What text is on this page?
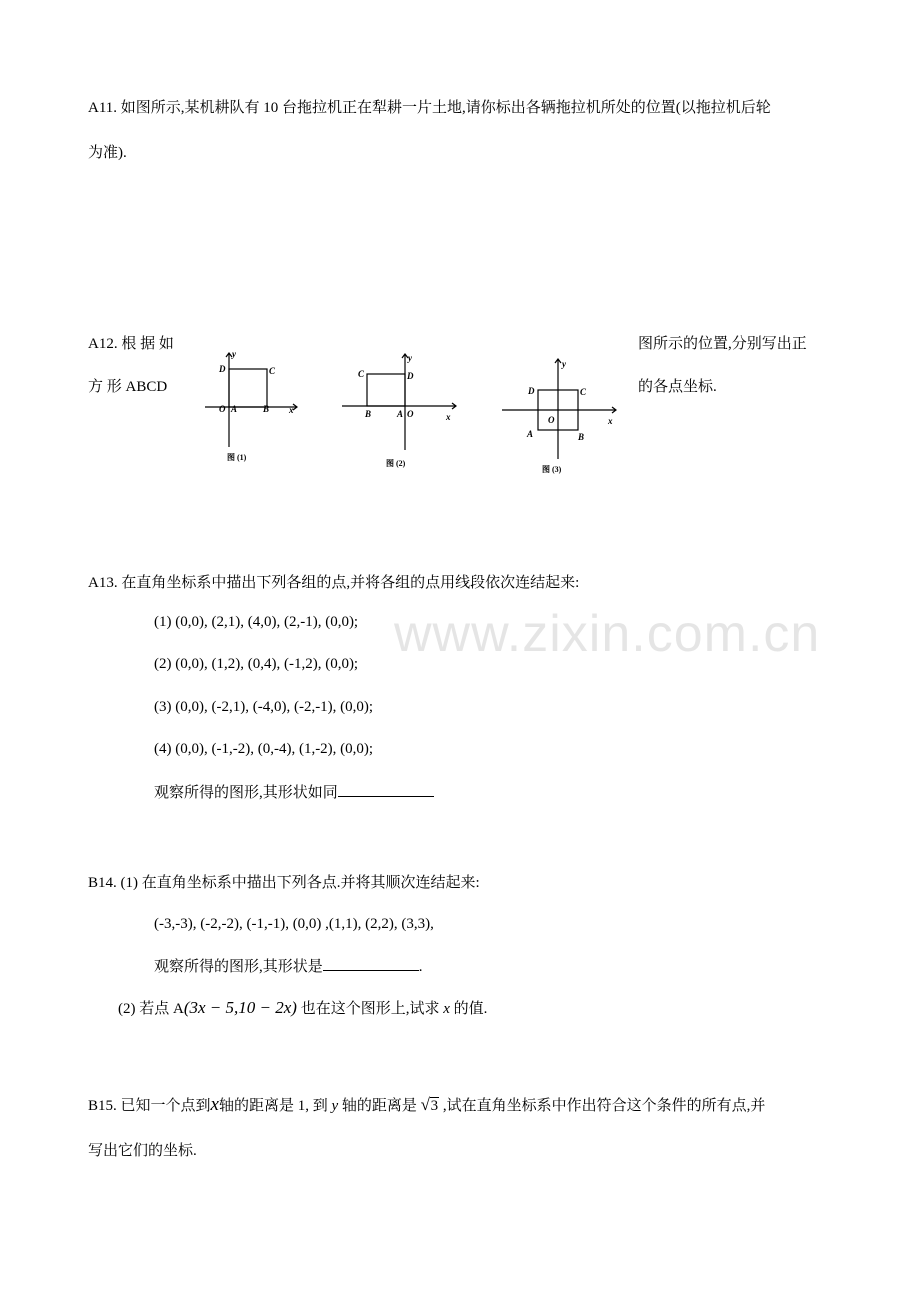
A11. 如图所示,某机耕队有 10 台拖拉机正在犁耕一片土地,请你标出各辆拖拉机所处的位置(以拖拉机后轮
为准).
A12. 根 据 如
方 形 ABCD
图所示的位置,分别写出正
的各点坐标.
y
D	C
O A	B x
图 (1)
y
C	D
B	A O	x
图 (2)
y
D	C
O
A	B
x
图 (3)
www.zixin.com.cn
A13. 在直角坐标系中描出下列各组的点,并将各组的点用线段依次连结起来:
(1) (0,0), (2,1), (4,0), (2,-1), (0,0);
(2) (0,0), (1,2), (0,4), (-1,2), (0,0);
(3) (0,0), (-2,1), (-4,0), (-2,-1), (0,0);
(4) (0,0), (-1,-2), (0,-4), (1,-2), (0,0);
观察所得的图形,其形状如同
B14. (1) 在直角坐标系中描出下列各点.并将其顺次连结起来:
(-3,-3), (-2,-2), (-1,-1), (0,0) ,(1,1), (2,2), (3,3),
观察所得的图形,其形状是	.
(2) 若点 A(3x − 5,10 − 2x) 也在这个图形上,试求 x 的值.
B15. 已知一个点到x轴的距离是 1, 到 y 轴的距离是 √ 3 ,试在直角坐标系中作出符合这个条件的所有点,并
写出它们的坐标.
